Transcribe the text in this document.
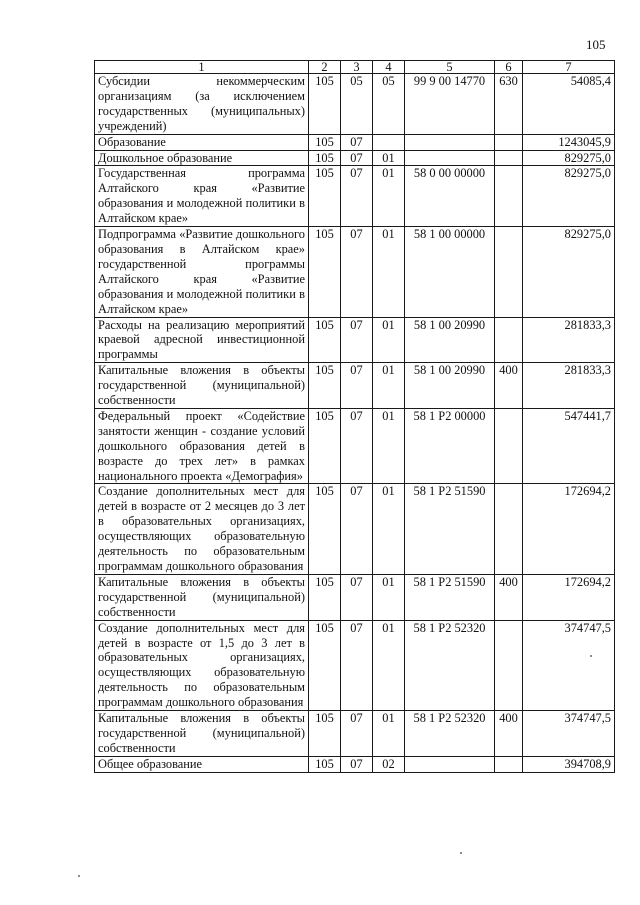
105
1	2	3	4	5	6	7
Субсидии некоммерческим организациям (за исключением государственных (муниципальных) учреждений)	105	05	05	99 9 00 14770	630	54085,4
Образование	105	07				1243045,9
Дошкольное образование	105	07	01			829275,0
Государственная программа Алтайского края «Развитие образования и молодежной политики в Алтайском крае»	105	07	01	58 0 00 00000		829275,0
Подпрограмма «Развитие дошкольного образования в Алтайском крае» государственной программы Алтайского края «Развитие образования и молодежной политики в Алтайском крае»	105	07	01	58 1 00 00000		829275,0
Расходы на реализацию мероприятий краевой адресной инвестиционной программы	105	07	01	58 1 00 20990		281833,3
Капитальные вложения в объекты государственной (муниципальной) собственности	105	07	01	58 1 00 20990	400	281833,3
Федеральный проект «Содействие занятости женщин - создание условий дошкольного образования детей в возрасте до трех лет» в рамках национального проекта «Демография»	105	07	01	58 1 P2 00000		547441,7
Создание дополнительных мест для детей в возрасте от 2 месяцев до 3 лет в образовательных организациях, осуществляющих образовательную деятельность по образовательным программам дошкольного образования	105	07	01	58 1 P2 51590		172694,2
Капитальные вложения в объекты государственной (муниципальной) собственности	105	07	01	58 1 P2 51590	400	172694,2
Создание дополнительных мест для детей в возрасте от 1,5 до 3 лет в образовательных организациях, осуществляющих образовательную деятельность по образовательным программам дошкольного образования	105	07	01	58 1 P2 52320		374747,5
Капитальные вложения в объекты государственной (муниципальной) собственности	105	07	01	58 1 P2 52320	400	374747,5
Общее образование	105	07	02			394708,9
